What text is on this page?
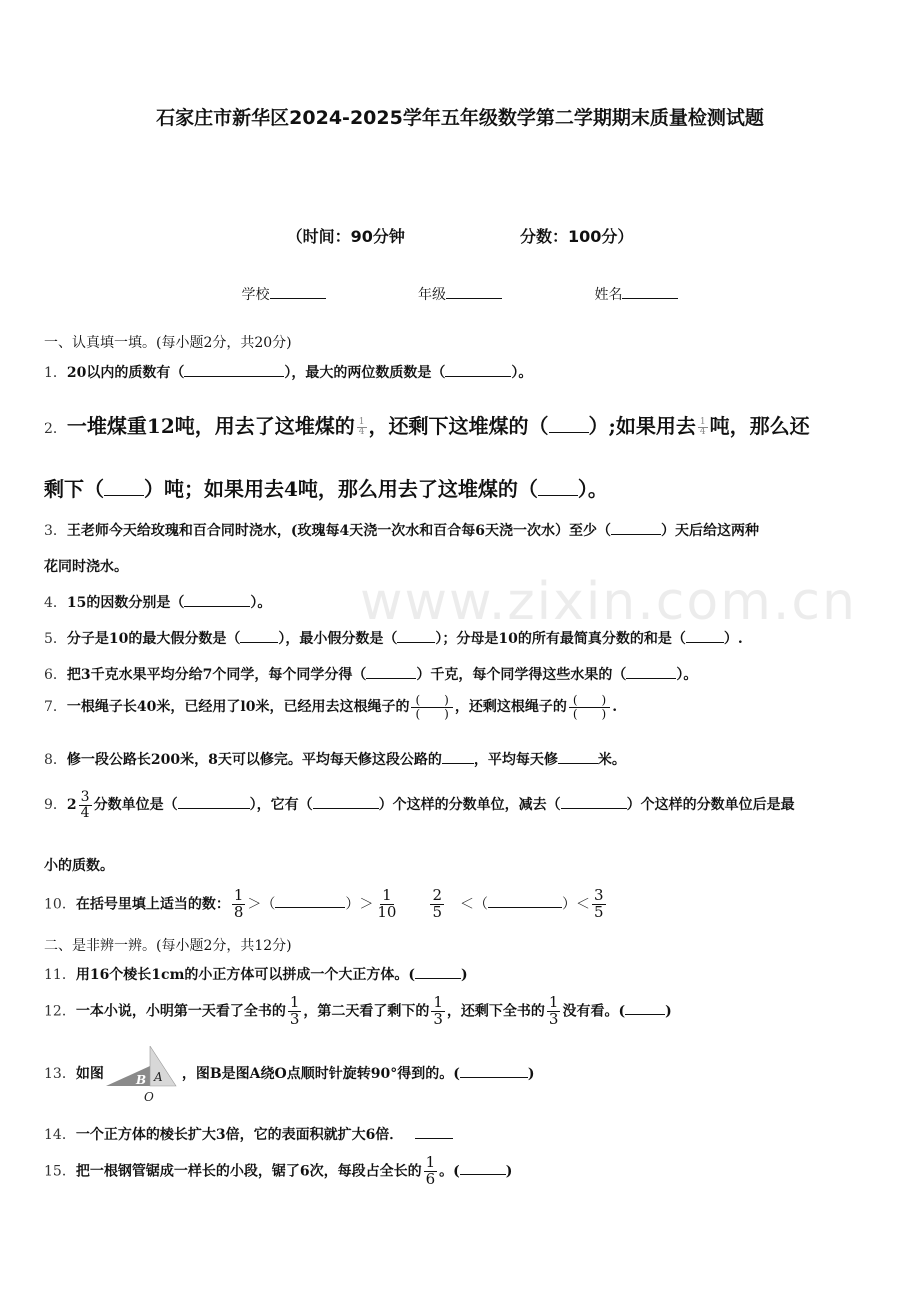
www.zixin.com.cn
石家庄市新华区2024-2025学年五年级数学第二学期期末质量检测试题
（时间：90分钟	分数：100分）
学校	年级	姓名
一、认真填一填。(每小题2分，共20分)
1．20以内的质数有（	），最大的两位数质数是（	）。
2．一堆煤重12吨，用去了这堆煤的 $\frac{1}{4}$ ，还剩下这堆煤的（ ）;如果用去 $\frac{1}{4}$ 吨，那么还
剩下（ ）吨；如果用去4吨，那么用去了这堆煤的（ ）。
3．王老师今天给玫瑰和百合同时浇水，(玫瑰每4天浇一次水和百合每6天浇一次水）至少（	）天后给这两种
花同时浇水。
4．15的因数分别是（	）。
5．分子是10的最大假分数是（	），最小假分数是（	）；分母是10的所有最简真分数的和是（	）.
6．把3千克水果平均分给7个同学，每个同学分得（	）千克，每个同学得这些水果的（	）。
7．一根绳子长40米，已经用了l0米，已经用去这根绳子的 $\frac{( )}{( )}$ ，还剩这根绳子的 $\frac{( )}{( )}$ .
8．修一段公路长200米，8天可以修完。平均每天修这段公路的 ，平均每天修	米。
9． $2 \frac{3}{4}$ 分数单位是（	），它有（	）个这样的分数单位，减去（	）个这样的分数单位后是最
小的质数。
10．在括号里填上适当的数： $\frac{1}{8}$ ＞（	）＞ $\frac{1}{10} \frac{2}{5}$ ＜（	）＜ $\frac{3}{5}$
二、是非辨一辨。(每小题2分，共12分)
11．用16个棱长1cm的小正方体可以拼成一个大正方体。(	)
12．一本小说，小明第一天看了全书的 $\frac{1}{3}$ ，第二天看了剩下的 $\frac{1}{3}$ ，还剩下全书的 $\frac{1}{3}$ 没有看。(	)
13．如图	B A
O
，图B是图A绕O点顺时针旋转90°得到的。(	)
14．一个正方体的棱长扩大3倍，它的表面积就扩大6倍．
15．把一根钢管锯成一样长的小段，锯了6次，每段占全长的 $\frac{1}{6}$ 。(	)
